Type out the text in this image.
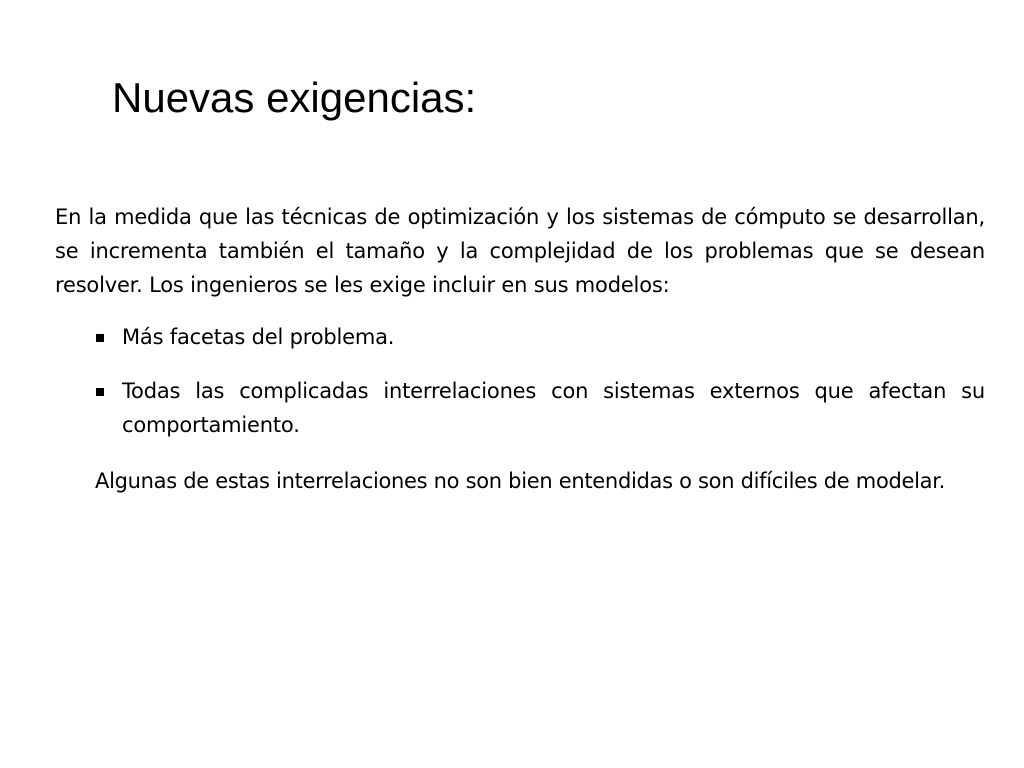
Nuevas exigencias:

En la medida que las técnicas de optimización y los sistemas de cómputo se desarrollan, se incrementa también el tamaño y la complejidad de los problemas que se desean resolver. Los ingenieros se les exige incluir en sus modelos:

Más facetas del problema.
Todas las complicadas interrelaciones con sistemas externos que afectan su comportamiento.

Algunas de estas interrelaciones no son bien entendidas o son difíciles de modelar.
